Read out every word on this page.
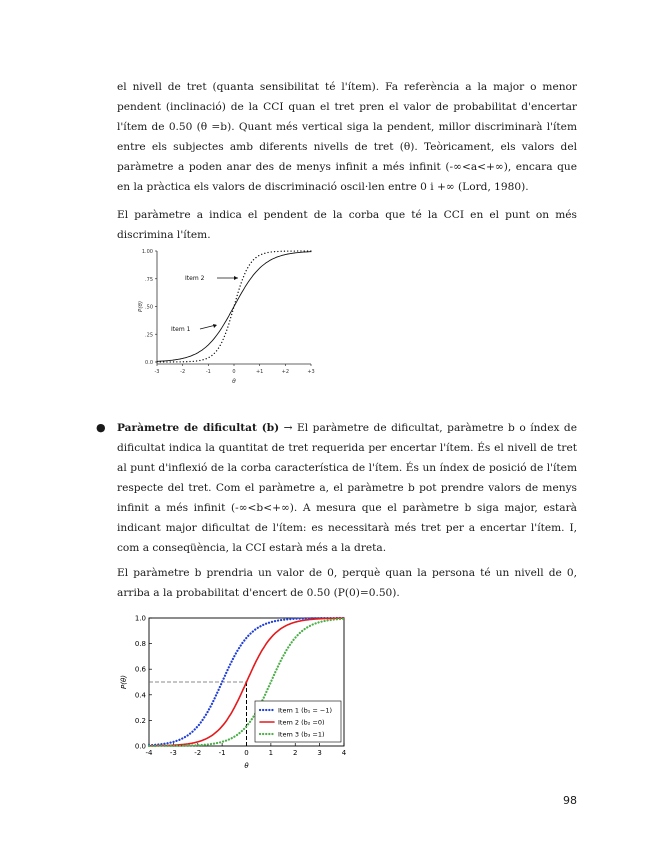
el nivell de tret (quanta sensibilitat té l'ítem). Fa referència a la major o menor pendent (inclinació) de la CCI quan el tret pren el valor de probabilitat d'encertar l'ítem de 0.50 (θ =b). Quant més vertical siga la pendent, millor discriminarà l'ítem entre els subjectes amb diferents nivells de tret (θ). Teòricament, els valors del paràmetre a poden anar des de menys infinit a més infinit (-∞<a<+∞), encara que en la pràctica els valors de discriminació oscil·len entre 0 i +∞ (Lord, 1980).

El paràmetre a indica el pendent de la corba que té la CCI en el punt on més discrimina l'ítem.

0.0
.25
.50
.75
1.00
-3	-2	-1	0	+1	+2	+3
θ
P(θ)
Item 2
Item 1
● Paràmetre de dificultat (b) → El paràmetre de dificultat, paràmetre b o índex de dificultat indica la quantitat de tret requerida per encertar l'ítem. És el nivell de tret al punt d'inflexió de la corba característica de l'ítem. És un índex de posició de l'ítem respecte del tret. Com el paràmetre a, el paràmetre b pot prendre valors de menys infinit a més infinit (-∞<b<+∞). A mesura que el paràmetre b siga major, estarà indicant major dificultat de l'ítem: es necessitarà més tret per a encertar l'ítem. I, com a conseqüència, la CCI estarà més a la dreta.

El paràmetre b prendria un valor de 0, perquè quan la persona té un nivell de 0, arriba a la probabilitat d'encert de 0.50 (P(0)=0.50).

0.0
0.2
0.4
0.6
0.8
1.0
-4 -3 -2 -1	0	1	2	3	4
θ
P(θ)
Item 1 (b₁ = −1)
Item 2 (b₂ =0)
Item 3 (b₃ =1)
98
